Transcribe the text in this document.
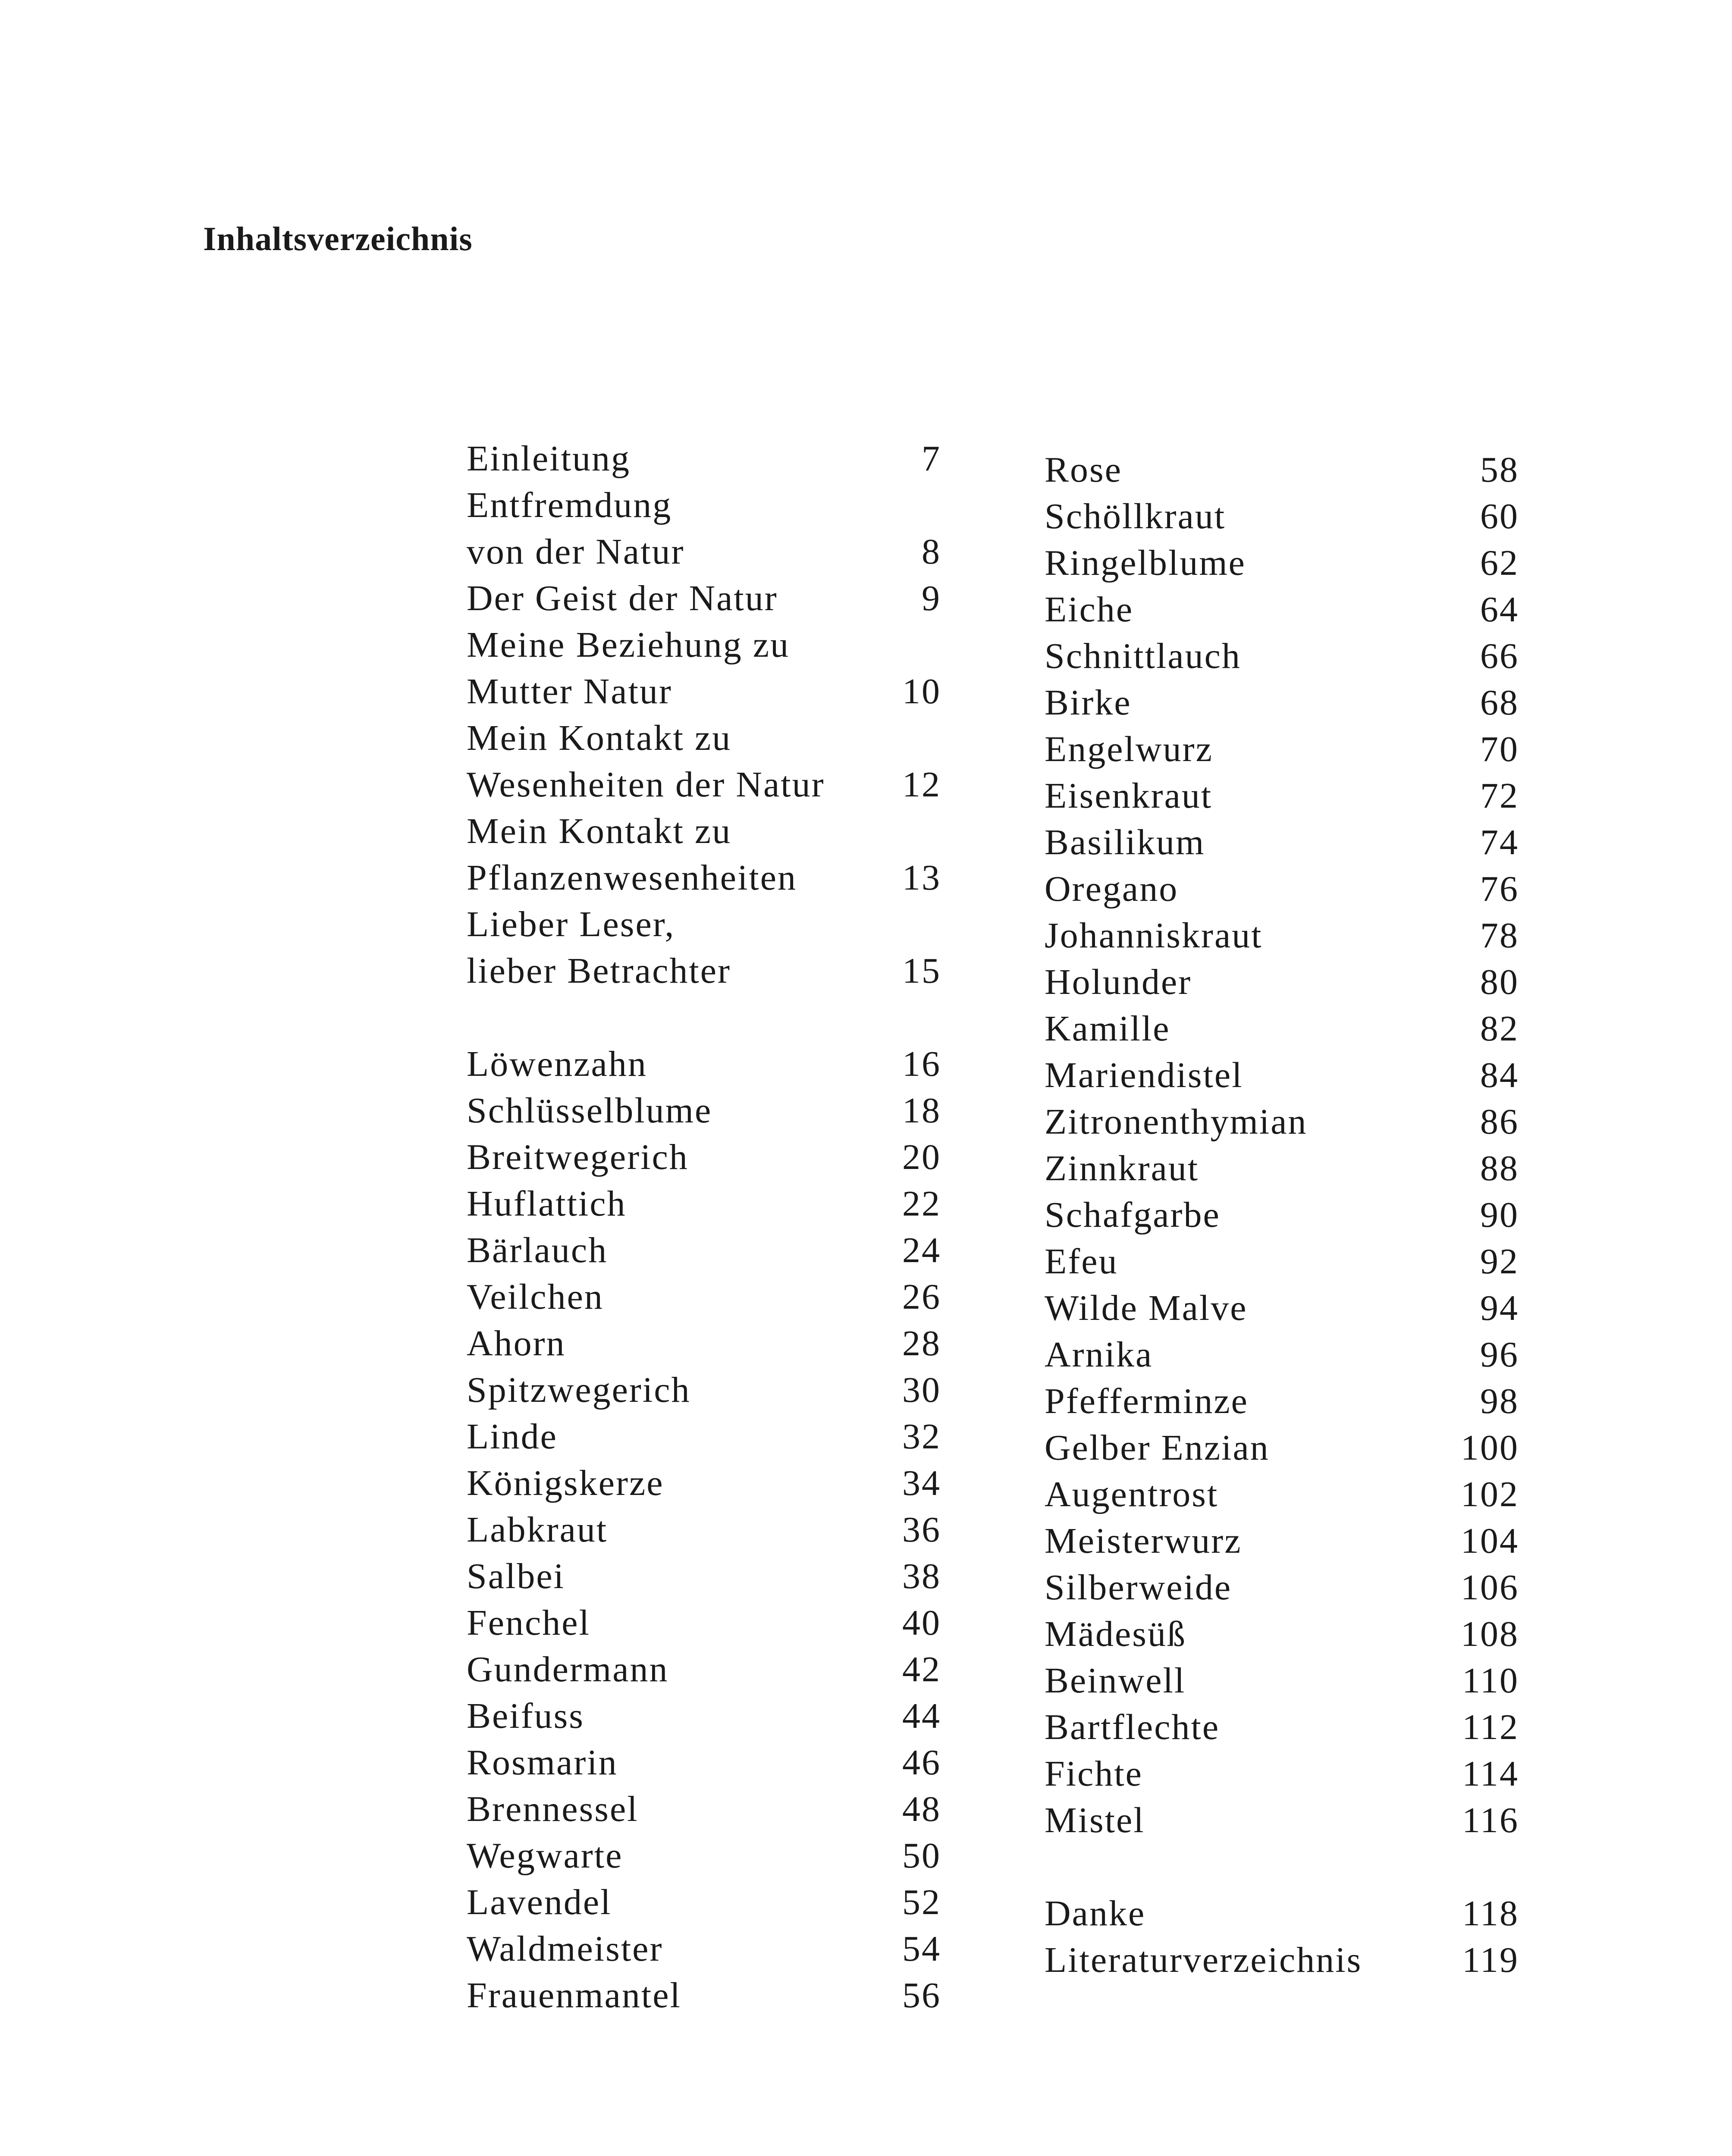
Inhaltsverzeichnis
Einleitung	7
Entfremdung
von der Natur	8
Der Geist der Natur	9
Meine Beziehung zu
Mutter Natur	10
Mein Kontakt zu
Wesenheiten der Natur 12
Mein Kontakt zu
Pflanzenwesenheiten	13
Lieber Leser,
lieber Betrachter	15
Löwenzahn	16
Schlüsselblume	18
Breitwegerich	20
Huflattich	22
Bärlauch	24
Veilchen	26
Ahorn	28
Spitzwegerich	30
Linde	32
Königskerze	34
Labkraut	36
Salbei	38
Fenchel	40
Gundermann	42
Beifuss	44
Rosmarin	46
Brennessel	48
Wegwarte	50
Lavendel	52
Waldmeister	54
Frauenmantel	56
Rose	58
Schöllkraut	60
Ringelblume	62
Eiche	64
Schnittlauch	66
Birke	68
Engelwurz	70
Eisenkraut	72
Basilikum	74
Oregano	76
Johanniskraut	78
Holunder	80
Kamille	82
Mariendistel	84
Zitronenthymian	86
Zinnkraut	88
Schafgarbe	90
Efeu	92
Wilde Malve	94
Arnika	96
Pfefferminze	98
Gelber Enzian	100
Augentrost	102
Meisterwurz	104
Silberweide	106
Mädesüß	108
Beinwell	110
Bartflechte	112
Fichte	114
Mistel	116
Danke	118
Literaturverzeichnis	119
